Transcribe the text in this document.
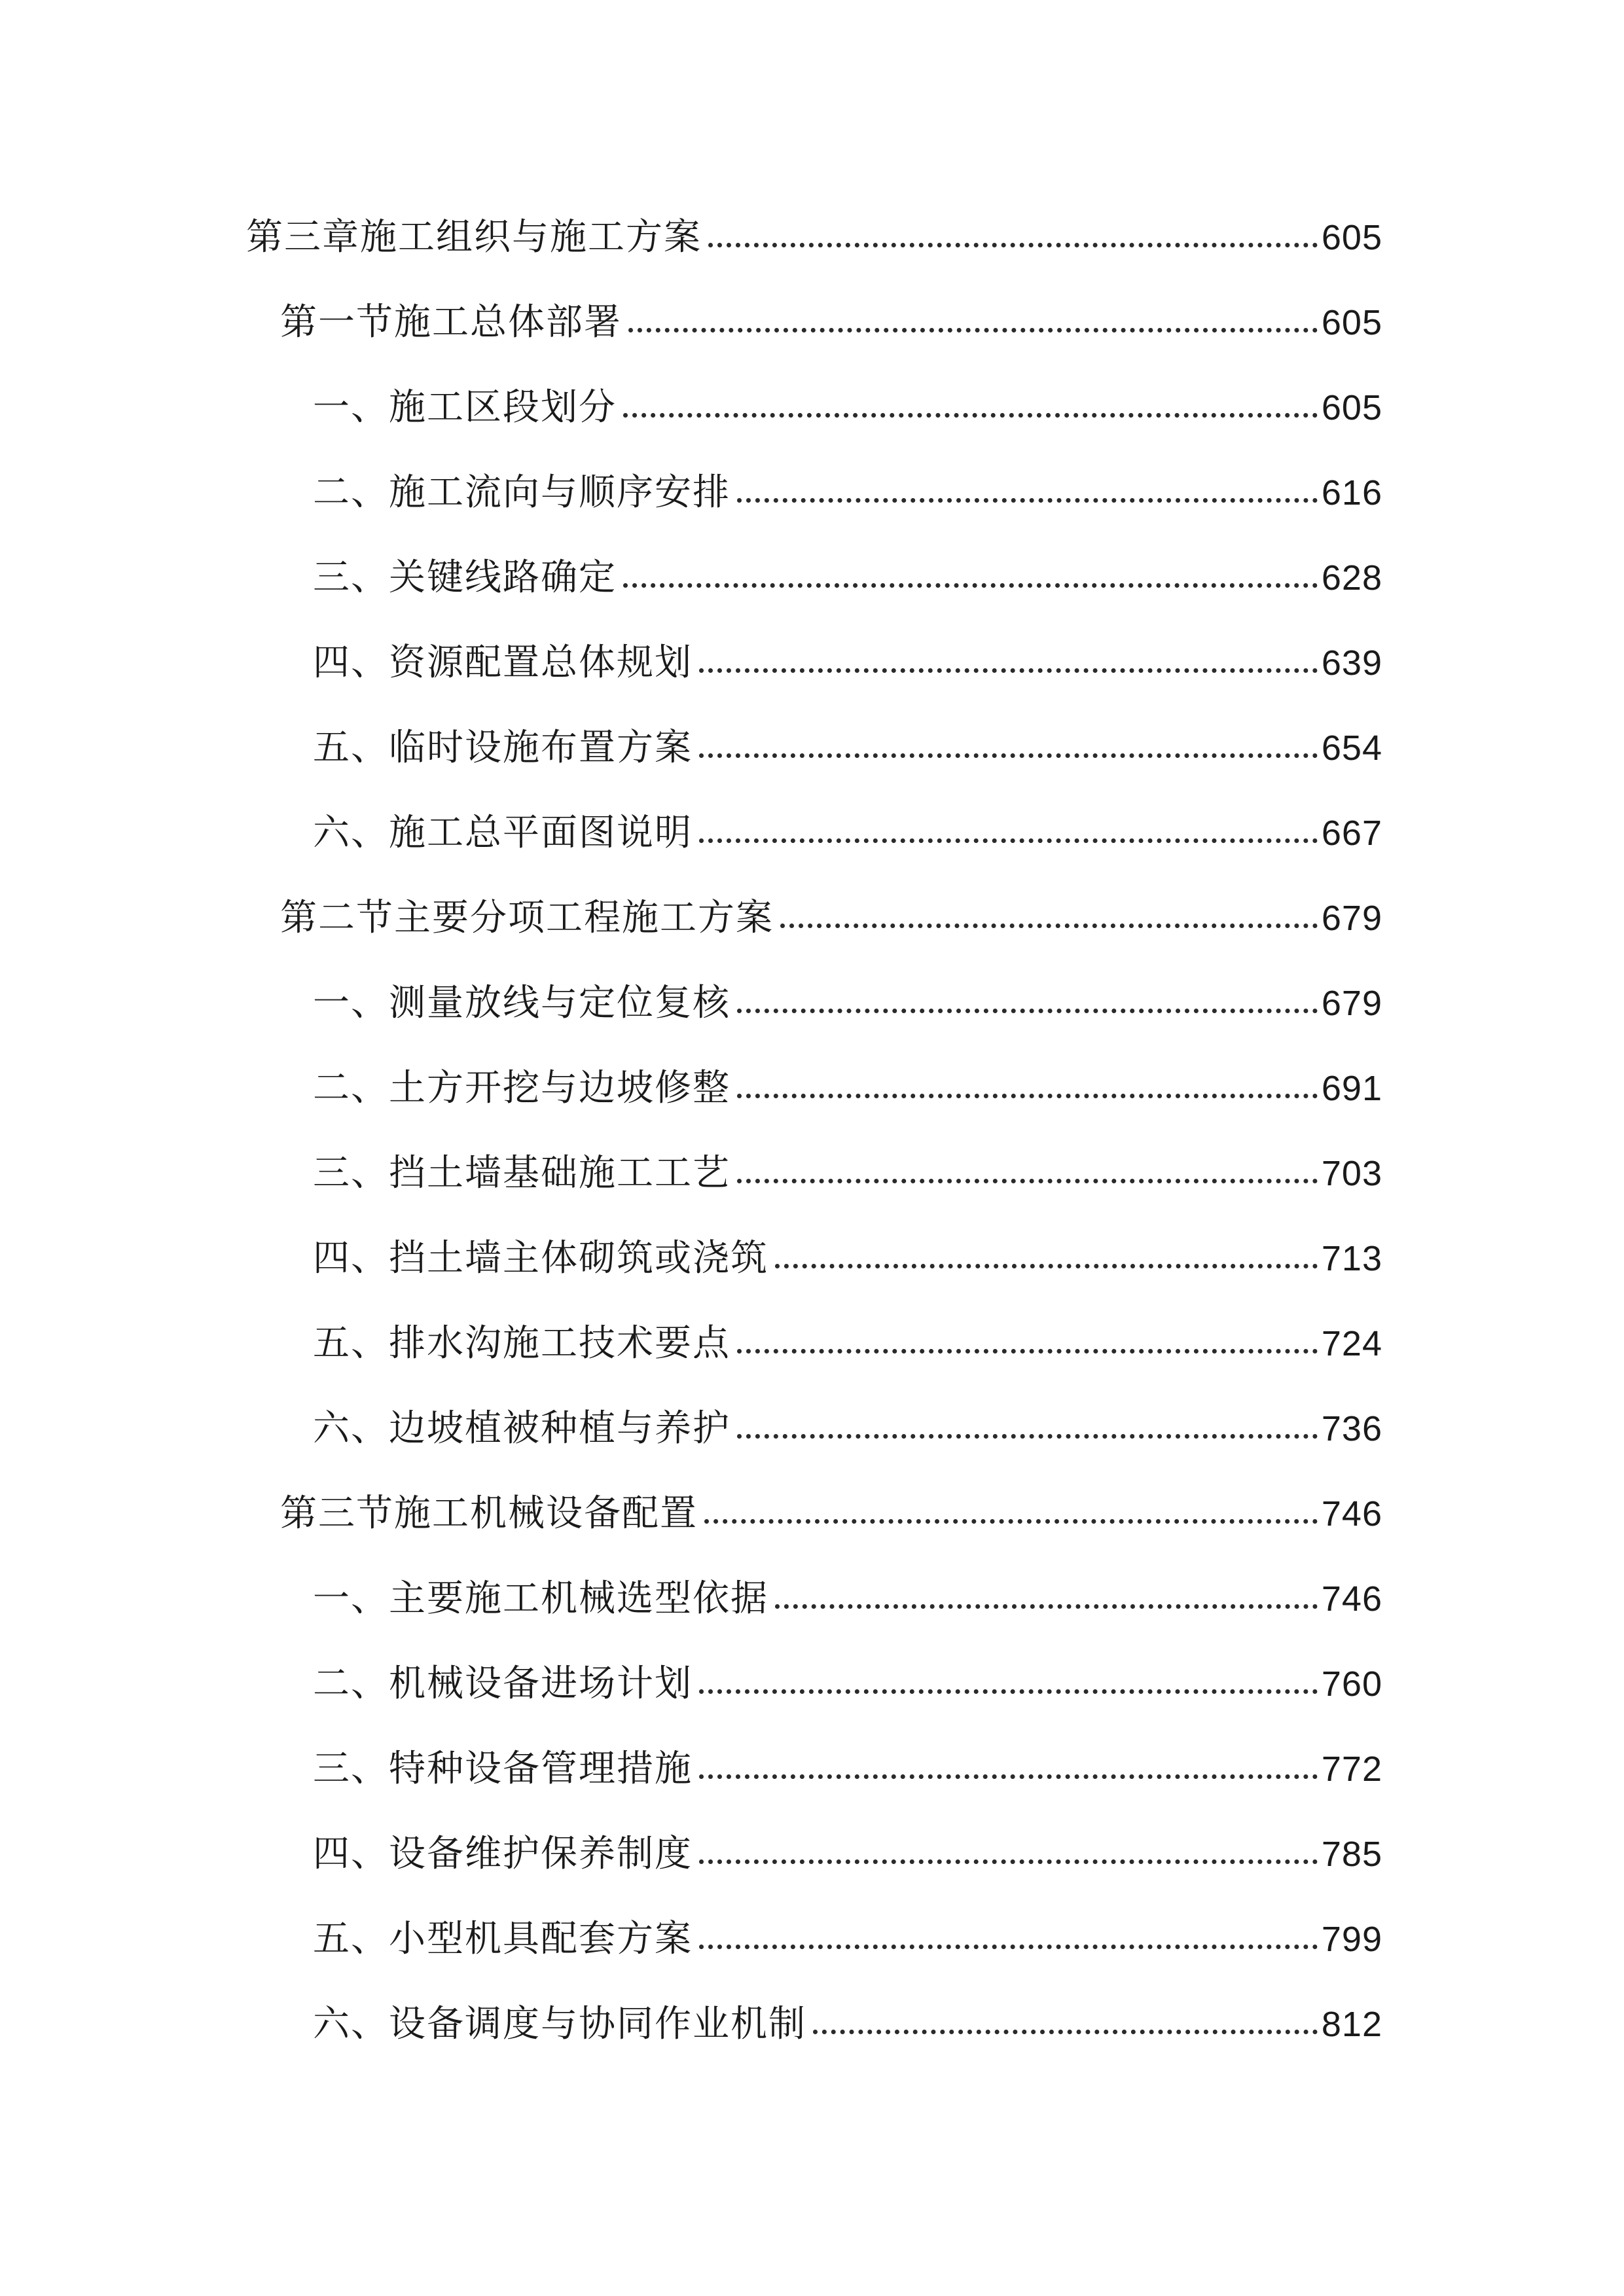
第三章施工组织与施工方案	605
第一节施工总体部署	605
一、施工区段划分	605
二、施工流向与顺序安排	616
三、关键线路确定	628
四、资源配置总体规划	639
五、临时设施布置方案	654
六、施工总平面图说明	667
第二节主要分项工程施工方案	679
一、测量放线与定位复核	679
二、土方开挖与边坡修整	691
三、挡土墙基础施工工艺	703
四、挡土墙主体砌筑或浇筑	713
五、排水沟施工技术要点	724
六、边坡植被种植与养护	736
第三节施工机械设备配置	746
一、主要施工机械选型依据	746
二、机械设备进场计划	760
三、特种设备管理措施	772
四、设备维护保养制度	785
五、小型机具配套方案	799
六、设备调度与协同作业机制	812
